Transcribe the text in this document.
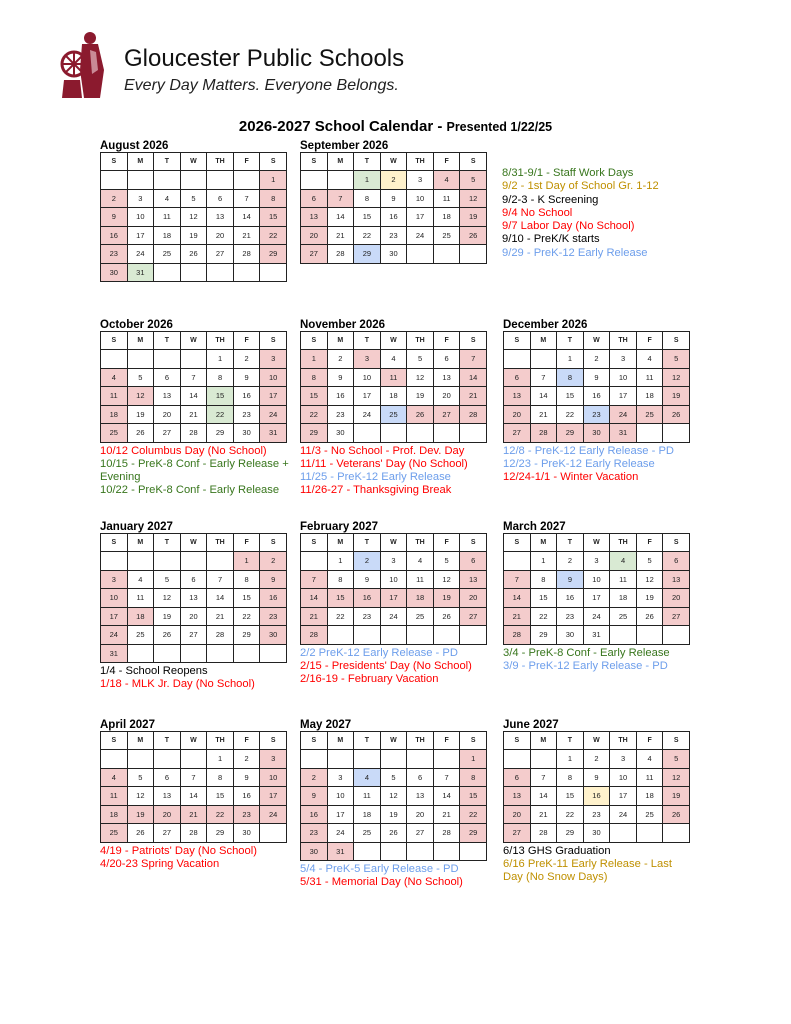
Gloucester Public Schools
Every Day Matters. Everyone Belongs.
2026-2027 School Calendar - Presented 1/22/25
August 2026
S	M	T	W	TH	F	S
						1
2	3	4	5	6	7	8
9	10	11	12	13	14	15
16	17	18	19	20	21	22
23	24	25	26	27	28	29
30	31					
September 2026
S	M	T	W	TH	F	S
		1	2	3	4	5
6	7	8	9	10	11	12
13	14	15	16	17	18	19
20	21	22	23	24	25	26
27	28	29	30			
October 2026
S	M	T	W	TH	F	S
				1	2	3
4	5	6	7	8	9	10
11	12	13	14	15	16	17
18	19	20	21	22	23	24
25	26	27	28	29	30	31
10/12 Columbus Day (No School)
10/15 - PreK-8 Conf - Early Release + Evening
10/22 - PreK-8 Conf - Early Release
November 2026
S	M	T	W	TH	F	S
1	2	3	4	5	6	7
8	9	10	11	12	13	14
15	16	17	18	19	20	21
22	23	24	25	26	27	28
29	30					
11/3 - No School - Prof. Dev. Day
11/11 - Veterans' Day (No School)
11/25 - PreK-12 Early Release
11/26-27 - Thanksgiving Break
December 2026
S	M	T	W	TH	F	S
		1	2	3	4	5
6	7	8	9	10	11	12
13	14	15	16	17	18	19
20	21	22	23	24	25	26
27	28	29	30	31		
12/8 - PreK-12 Early Release - PD
12/23 - PreK-12 Early Release
12/24-1/1 - Winter Vacation
January 2027
S	M	T	W	TH	F	S
					1	2
3	4	5	6	7	8	9
10	11	12	13	14	15	16
17	18	19	20	21	22	23
24	25	26	27	28	29	30
31						
1/4 - School Reopens
1/18 - MLK Jr. Day (No School)
February 2027
S	M	T	W	TH	F	S
	1	2	3	4	5	6
7	8	9	10	11	12	13
14	15	16	17	18	19	20
21	22	23	24	25	26	27
28						
2/2 PreK-12 Early Release - PD
2/15 - Presidents' Day (No School)
2/16-19 - February Vacation
March 2027
S	M	T	W	TH	F	S
	1	2	3	4	5	6
7	8	9	10	11	12	13
14	15	16	17	18	19	20
21	22	23	24	25	26	27
28	29	30	31			
3/4 - PreK-8 Conf - Early Release
3/9 - PreK-12 Early Release - PD
April 2027
S	M	T	W	TH	F	S
				1	2	3
4	5	6	7	8	9	10
11	12	13	14	15	16	17
18	19	20	21	22	23	24
25	26	27	28	29	30	
4/19 - Patriots' Day (No School)
4/20-23 Spring Vacation
May 2027
S	M	T	W	TH	F	S
						1
2	3	4	5	6	7	8
9	10	11	12	13	14	15
16	17	18	19	20	21	22
23	24	25	26	27	28	29
30	31					
5/4 - PreK-5 Early Release - PD
5/31 - Memorial Day (No School)
June 2027
S	M	T	W	TH	F	S
		1	2	3	4	5
6	7	8	9	10	11	12
13	14	15	16	17	18	19
20	21	22	23	24	25	26
27	28	29	30			
6/13 GHS Graduation
6/16 PreK-11 Early Release - Last Day (No Snow Days)
8/31-9/1 - Staff Work Days
9/2 - 1st Day of School Gr. 1-12
9/2-3 - K Screening
9/4 No School
9/7 Labor Day (No School)
9/10 - PreK/K starts
9/29 - PreK-12 Early Release
